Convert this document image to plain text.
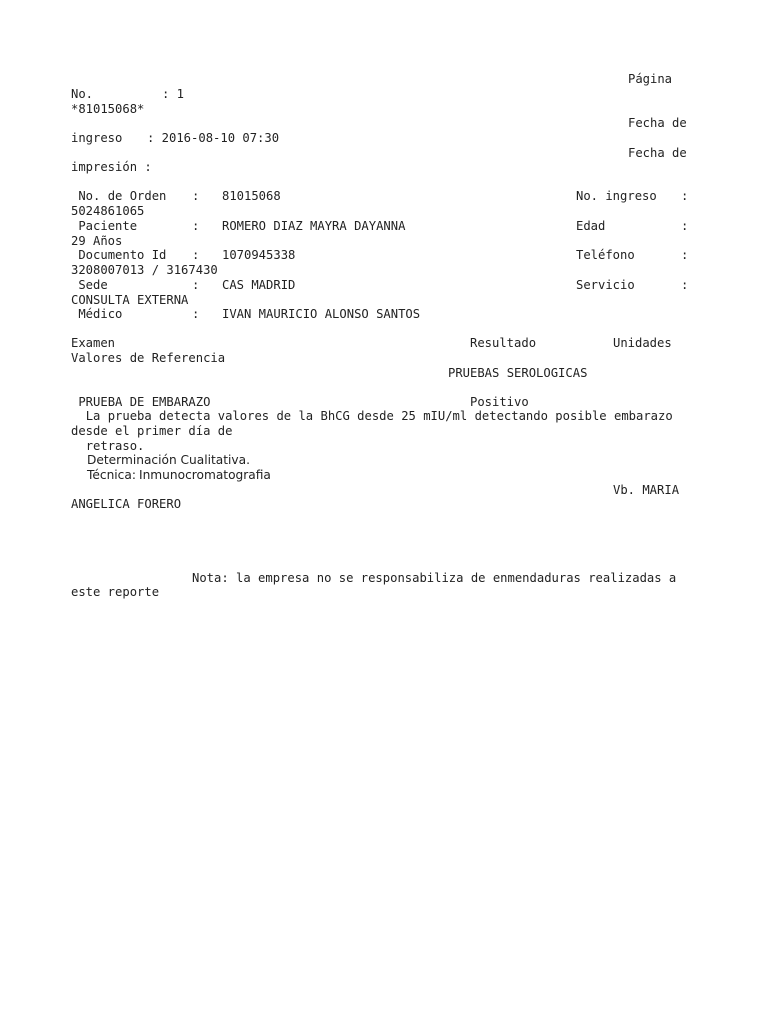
Página
No.	: 1
*81015068*
Fecha de
ingreso : 2016-08-10 07:30
Fecha de
impresión :
No. de Orden : 81015068	No. ingreso :
5024861065
Paciente	: ROMERO DIAZ MAYRA DAYANNA	Edad	:
29 Años
Documento Id : 1070945338	Teléfono	:
3208007013 / 3167430
Sede	: CAS MADRID	Servicio	:
CONSULTA EXTERNA
Médico	: IVAN MAURICIO ALONSO SANTOS
Examen	Resultado	Unidades
Valores de Referencia
PRUEBAS SEROLOGICAS
PRUEBA DE EMBARAZO	Positivo
La prueba detecta valores de la BhCG desde 25 mIU/ml detectando posible embarazo
desde el primer día de
retraso.
Determinación Cualitativa.
Técnica: Inmunocromatografia
Vb. MARIA
ANGELICA FORERO
Nota: la empresa no se responsabiliza de enmendaduras realizadas a
este reporte
